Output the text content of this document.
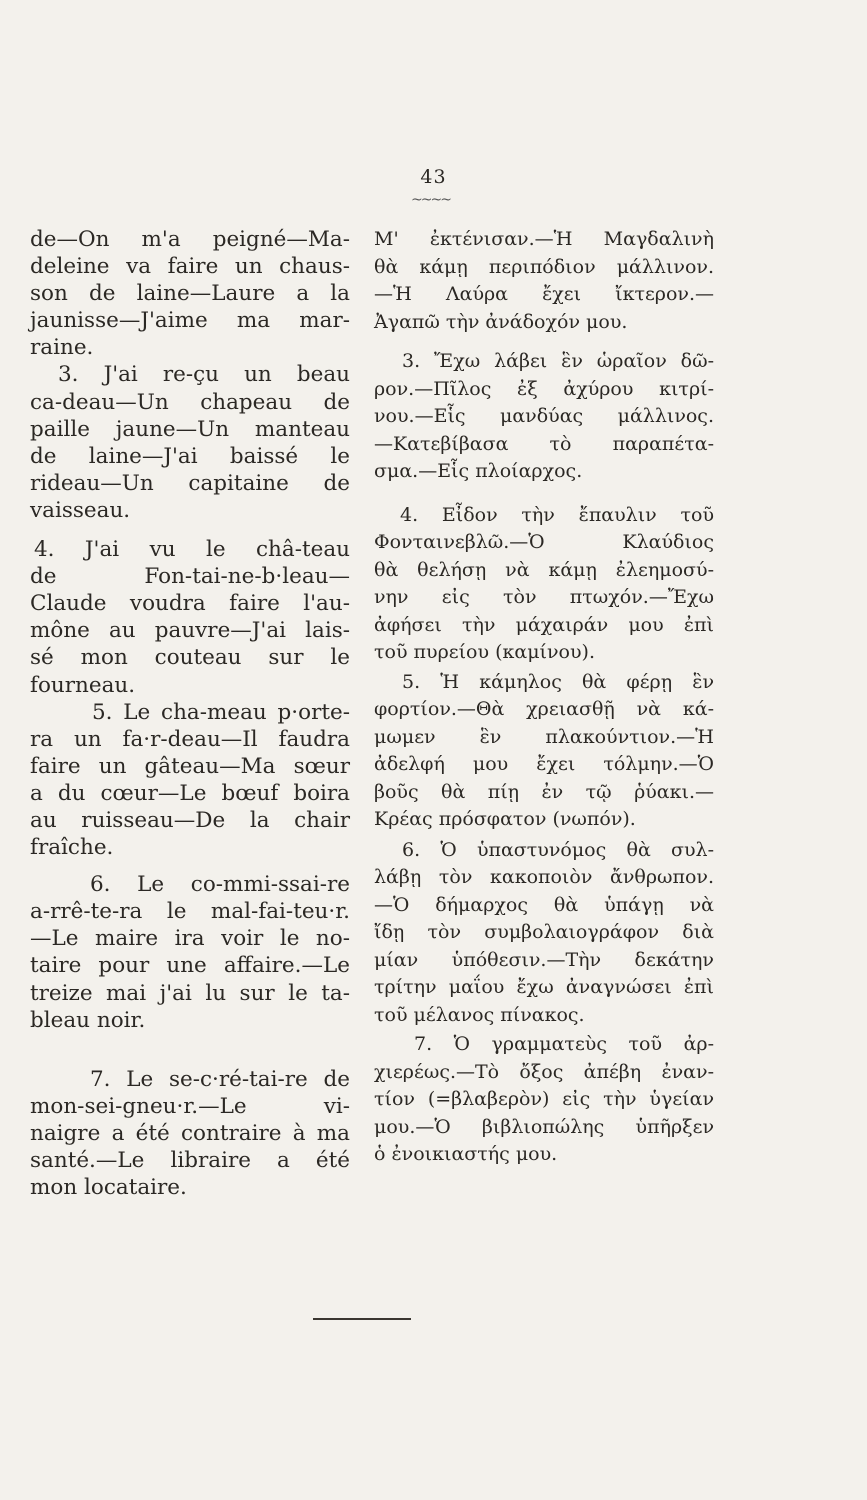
43
~~~~
de—On m'a peigné—Ma-
deleine va faire un chaus-
son de laine—Laure a la
jaunisse—J'aime ma mar-
raine.
3. J'ai re-çu un beau
ca-deau—Un chapeau de
paille jaune—Un manteau
de laine—J'ai baissé le
rideau—Un capitaine de
vaisseau.
4. J'ai vu le châ-teau
de Fon-tai-ne-b·leau—
Claude voudra faire l'au-
mône au pauvre—J'ai lais-
sé mon couteau sur le
fourneau.
5. Le cha-meau p·orte-
ra un fa·r-deau—Il faudra
faire un gâteau—Ma sœur
a du cœur—Le bœuf boira
au ruisseau—De la chair
fraîche.
6. Le co-mmi-ssai-re
a-rrê-te-ra le mal-fai-teu·r.
—Le maire ira voir le no-
taire pour une affaire.—Le
treize mai j'ai lu sur le ta-
bleau noir.
7. Le se-c·ré-tai-re de
mon-sei-gneu·r.—Le vi-
naigre a été contraire à ma
santé.—Le libraire a été
mon locataire.
Μ' ἐκτένισαν.—Ἡ Μαγδαλινὴ
θὰ κάμῃ περιπόδιον μάλλινον.
—Ἡ Λαύρα ἔχει ἴκτερον.—
Ἀγαπῶ τὴν ἀνάδοχόν μου.
3. Ἔχω λάβει ἓν ὡραῖον δῶ-
ρον.—Πῖλος ἐξ ἀχύρου κιτρί-
νου.—Εἷς μανδύας μάλλινος.
—Κατεβίβασα τὸ παραπέτα-
σμα.—Εἷς πλοίαρχος.
4. Εἶδον τὴν ἔπαυλιν τοῦ
Φονταινεβλῶ.—Ὁ Κλαύδιος
θὰ θελήσῃ νὰ κάμῃ ἐλεημοσύ-
νην εἰς τὸν πτωχόν.—Ἔχω
ἀφήσει τὴν μάχαιράν μου ἐπὶ
τοῦ πυρείου (καμίνου).
5. Ἡ κάμηλος θὰ φέρῃ ἓν
φορτίον.—Θὰ χρειασθῇ νὰ κά-
μωμεν ἓν πλακούντιον.—Ἡ
ἀδελφή μου ἔχει τόλμην.—Ὁ
βοῦς θὰ πίῃ ἐν τῷ ῥύακι.—
Κρέας πρόσφατον (νωπόν).
6. Ὁ ὑπαστυνόμος θὰ συλ-
λάβῃ τὸν κακοποιὸν ἄνθρωπον.
—Ὁ δήμαρχος θὰ ὑπάγῃ νὰ
ἴδῃ τὸν συμβολαιογράφον διὰ
μίαν ὑπόθεσιν.—Τὴν δεκάτην
τρίτην μαΐου ἔχω ἀναγνώσει ἐπὶ
τοῦ μέλανος πίνακος.
7. Ὁ γραμματεὺς τοῦ ἀρ-
χιερέως.—Τὸ ὄξος ἀπέβη ἐναν-
τίον (=βλαβερὸν) εἰς τὴν ὑγείαν
μου.—Ὁ βιβλιοπώλης ὑπῆρξεν
ὁ ἐνοικιαστής μου.
